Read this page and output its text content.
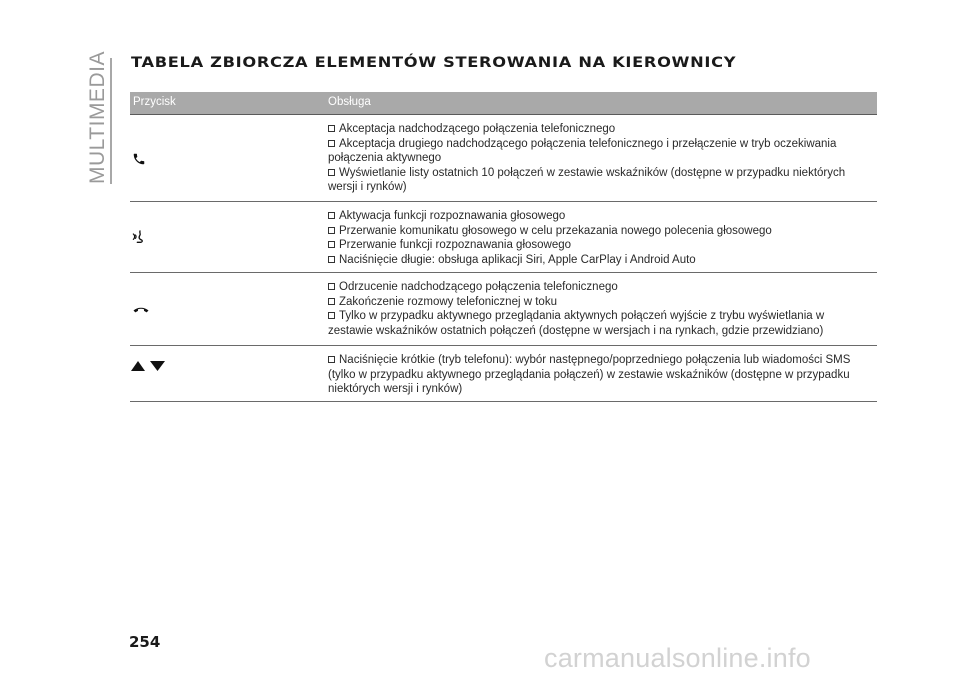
MULTIMEDIA TABELA ZBIORCZA ELEMENTÓW STEROWANIA NA KIEROWNICY
Przycisk	Obsługa
Akceptacja nadchodzącego połączenia telefonicznego
Akceptacja drugiego nadchodzącego połączenia telefonicznego i przełączenie w tryb oczekiwania połączenia aktywnego
Wyświetlanie listy ostatnich 10 połączeń w zestawie wskaźników (dostępne w przypadku niektórych wersji i rynków)
Aktywacja funkcji rozpoznawania głosowego
Przerwanie komunikatu głosowego w celu przekazania nowego polecenia głosowego
Przerwanie funkcji rozpoznawania głosowego
Naciśnięcie długie: obsługa aplikacji Siri, Apple CarPlay i Android Auto
Odrzucenie nadchodzącego połączenia telefonicznego
Zakończenie rozmowy telefonicznej w toku
Tylko w przypadku aktywnego przeglądania aktywnych połączeń wyjście z trybu wyświetlania w zestawie wskaźników ostatnich połączeń (dostępne w wersjach i na rynkach, gdzie przewidziano)
Naciśnięcie krótkie (tryb telefonu): wybór następnego/poprzedniego połączenia lub wiadomości SMS (tylko w przypadku aktywnego przeglądania połączeń) w zestawie wskaźników (dostępne w przypadku niektórych wersji i rynków)
254
carmanualsonline.info
